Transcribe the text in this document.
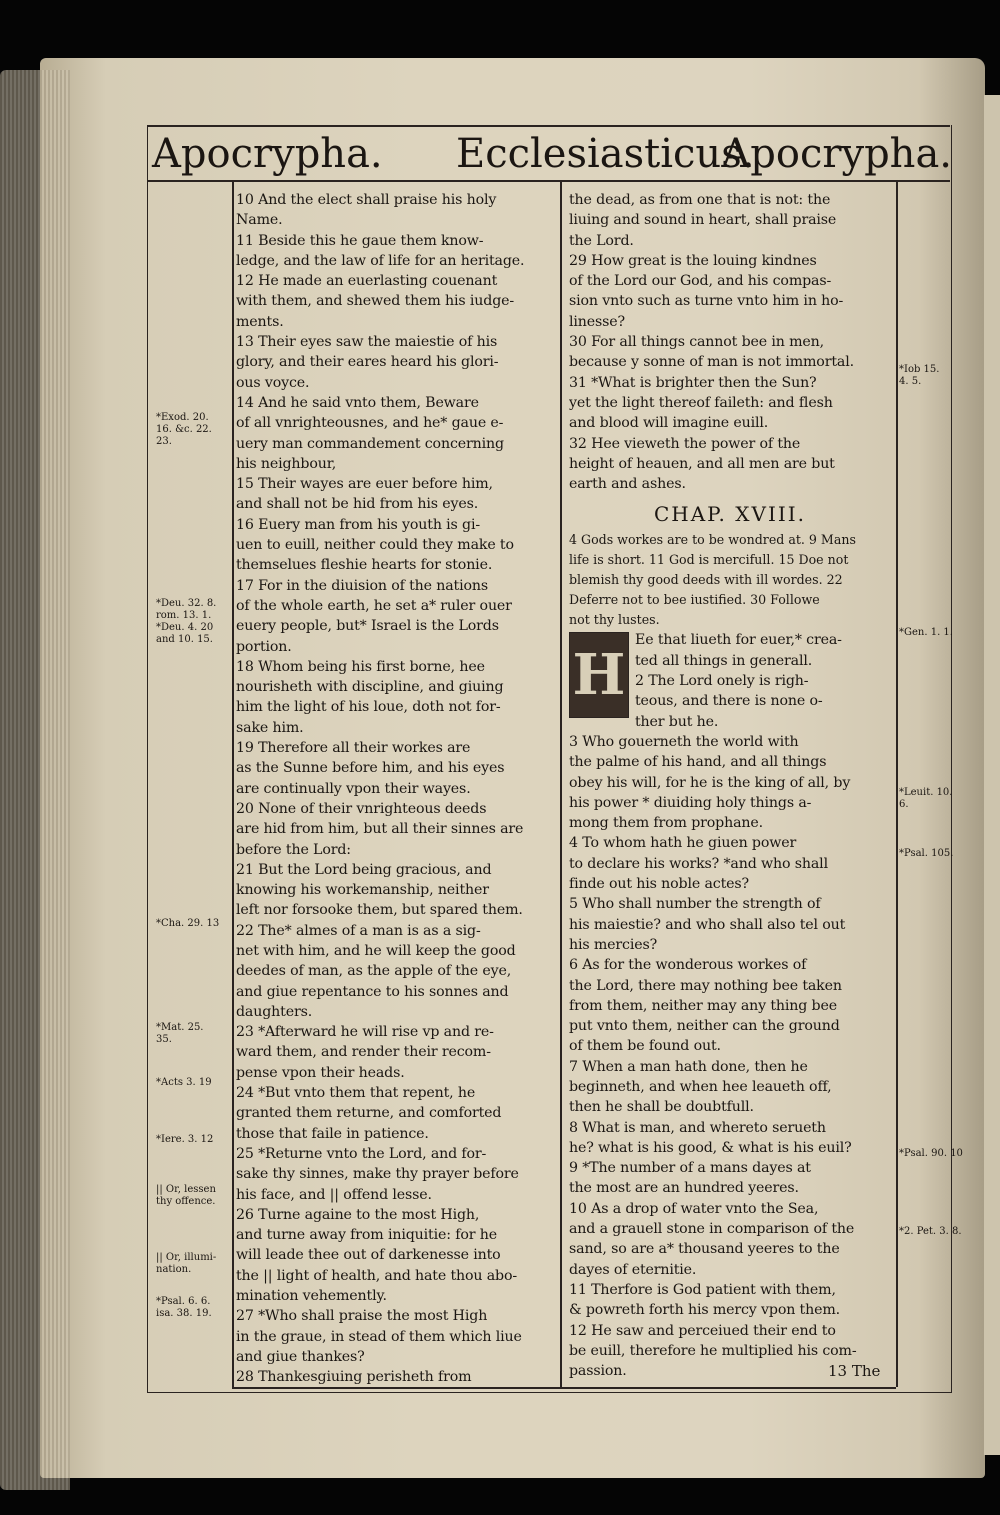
Apocrypha. Ecclesiasticus.
Apocrypha.
10 And the elect shall praise his holy
Name.
11 Beside this he gaue them know-
ledge, and the law of life for an heritage.
12 He made an euerlasting couenant
with them, and shewed them his iudge-
ments.
13 Their eyes saw the maiestie of his
glory, and their eares heard his glori-
ous voyce.
14 And he said vnto them, Beware
of all vnrighteousnes, and he* gaue e-
uery man commandement concerning
his neighbour,
15 Their wayes are euer before him,
and shall not be hid from his eyes.
16 Euery man from his youth is gi-
uen to euill, neither could they make to
themselues fleshie hearts for stonie.
17 For in the diuision of the nations
of the whole earth, he set a* ruler ouer
euery people, but* Israel is the Lords
portion.
18 Whom being his first borne, hee
nourisheth with discipline, and giuing
him the light of his loue, doth not for-
sake him.
19 Therefore all their workes are
as the Sunne before him, and his eyes
are continually vpon their wayes.
20 None of their vnrighteous deeds
are hid from him, but all their sinnes are
before the Lord:
21 But the Lord being gracious, and
knowing his workemanship, neither
left nor forsooke them, but spared them.
22 The* almes of a man is as a sig-
net with him, and he will keep the good
deedes of man, as the apple of the eye,
and giue repentance to his sonnes and
daughters.
23 *Afterward he will rise vp and re-
ward them, and render their recom-
pense vpon their heads.
24 *But vnto them that repent, he
granted them returne, and comforted
those that faile in patience.
25 *Returne vnto the Lord, and for-
sake thy sinnes, make thy prayer before
his face, and || offend lesse.
26 Turne againe to the most High,
and turne away from iniquitie: for he
will leade thee out of darkenesse into
the || light of health, and hate thou abo-
mination vehemently.
27 *Who shall praise the most High
in the graue, in stead of them which liue
and giue thankes?
28 Thankesgiuing perisheth from
the dead, as from one that is not: the
liuing and sound in heart, shall praise
the Lord.
29 How great is the louing kindnes
of the Lord our God, and his compas-
sion vnto such as turne vnto him in ho-
linesse?
30 For all things cannot bee in men,
because y sonne of man is not immortal.
31 *What is brighter then the Sun?
yet the light thereof faileth: and flesh
and blood will imagine euill.
32 Hee vieweth the power of the
height of heauen, and all men are but
earth and ashes.
CHAP. XVIII.
4 Gods workes are to be wondred at. 9 Mans
life is short. 11 God is mercifull. 15 Doe not
blemish thy good deeds with ill wordes. 22
Deferre not to bee iustified. 30 Followe
not thy lustes.
H
Ee that liueth for euer,* crea-
ted all things in generall.
2 The Lord onely is righ-
teous, and there is none o-
ther but he.
3 Who gouerneth the world with
the palme of his hand, and all things
obey his will, for he is the king of all, by
his power * diuiding holy things a-
mong them from prophane.
4 To whom hath he giuen power
to declare his works? *and who shall
finde out his noble actes?
5 Who shall number the strength of
his maiestie? and who shall also tel out
his mercies?
6 As for the wonderous workes of
the Lord, there may nothing bee taken
from them, neither may any thing bee
put vnto them, neither can the ground
of them be found out.
7 When a man hath done, then he
beginneth, and when hee leaueth off,
then he shall be doubtfull.
8 What is man, and whereto serueth
he? what is his good, & what is his euil?
9 *The number of a mans dayes at
the most are an hundred yeeres.
10 As a drop of water vnto the Sea,
and a grauell stone in comparison of the
sand, so are a* thousand yeeres to the
dayes of eternitie.
11 Therfore is God patient with them,
& powreth forth his mercy vpon them.
12 He saw and perceiued their end to
be euill, therefore he multiplied his com-
passion.
*Exod. 20.
16. &c. 22.
23.
*Deu. 32. 8.
rom. 13. 1.
*Deu. 4. 20
and 10. 15.
*Cha. 29. 13
*Mat. 25.
35.
*Acts 3. 19
*Iere. 3. 12
|| Or, lessen
thy offence.
|| Or, illumi-
nation.
*Psal. 6. 6.
isa. 38. 19.
*Iob 15.
4. 5.
*Gen. 1. 1.
*Leuit. 10.
6.
*Psal. 105.
*Psal. 90. 10
*2. Pet. 3. 8.
13 The
